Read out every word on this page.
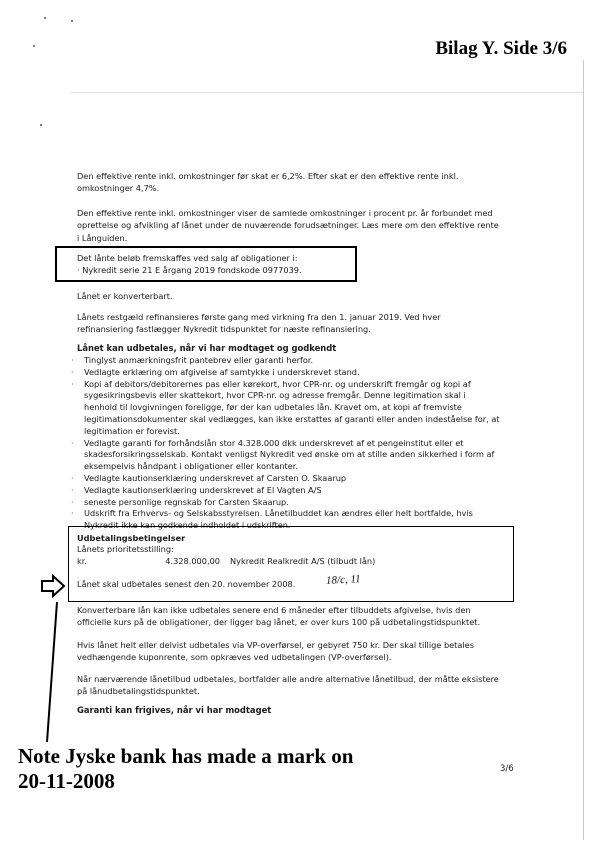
Bilag Y. Side 3/6

Den effektive rente inkl. omkostninger før skat er 6,2%. Efter skat er den effektive rente inkl.
omkostninger 4,7%.

Den effektive rente inkl. omkostninger viser de samlede omkostninger i procent pr. år forbundet med
oprettelse og afvikling af lånet under de nuværende forudsætninger. Læs mere om den effektive rente
i Långuiden.

Det lånte beløb fremskaffes ved salg af obligationer i:
· Nykredit serie 21 E årgang 2019 fondskode 0977039.

Lånet er konverterbart.

Lånets restgæld refinansieres første gang med virkning fra den 1. januar 2019. Ved hver
refinansiering fastlægger Nykredit tidspunktet for næste refinansiering.

Lånet kan udbetales, når vi har modtaget og godkendt

· Tinglyst anmærkningsfrit pantebrev eller garanti herfor.
· Vedlagte erklæring om afgivelse af samtykke i underskrevet stand.
· Kopi af debitors/debitorernes pas eller kørekort, hvor CPR-nr. og underskrift fremgår og kopi af
sygesikringsbevis eller skattekort, hvor CPR-nr. og adresse fremgår. Denne legitimation skal i
henhold til lovgivningen foreligge, før der kan udbetales lån. Kravet om, at kopi af fremviste
legitimationsdokumenter skal vedlægges, kan ikke erstattes af garanti eller anden indeståelse for, at
legitimation er forevist.
· Vedlagte garanti for forhåndslån stor 4.328.000 dkk underskrevet af et pengeinstitut eller et
skadesforsikringsselskab. Kontakt venligst Nykredit ved ønske om at stille anden sikkerhed i form af
eksempelvis håndpant i obligationer eller kontanter.
· Vedlagte kautionserklæring underskrevet af Carsten O. Skaarup
· Vedlagte kautionserklæring underskrevet af El Vagten A/S
· seneste personlige regnskab for Carsten Skaarup.
· Udskrift fra Erhvervs- og Selskabsstyrelsen. Lånetilbuddet kan ændres eller helt bortfalde, hvis
Nykredit ikke kan godkende indholdet i udskriften.
Udbetalingsbetingelser
Lånets prioritetsstilling:
kr.	4.328.000,00	Nykredit Realkredit A/S (tilbudt lån)
Lånet skal udbetales senest den 20. november 2008.	18/c, 11

Konverterbare lån kan ikke udbetales senere end 6 måneder efter tilbuddets afgivelse, hvis den
officielle kurs på de obligationer, der ligger bag lånet, er over kurs 100 på udbetalingstidspunktet.

Hvis lånet helt eller delvist udbetales via VP-overførsel, er gebyret 750 kr. Der skal tillige betales
vedhængende kuponrente, som opkræves ved udbetalingen (VP-overførsel).

Når nærværende lånetilbud udbetales, bortfalder alle andre alternative lånetilbud, der måtte eksistere
på lånudbetalingstidspunktet.

Garanti kan frigives, når vi har modtaget

Note Jyske bank has made a mark on
20-11-2008	3/6
